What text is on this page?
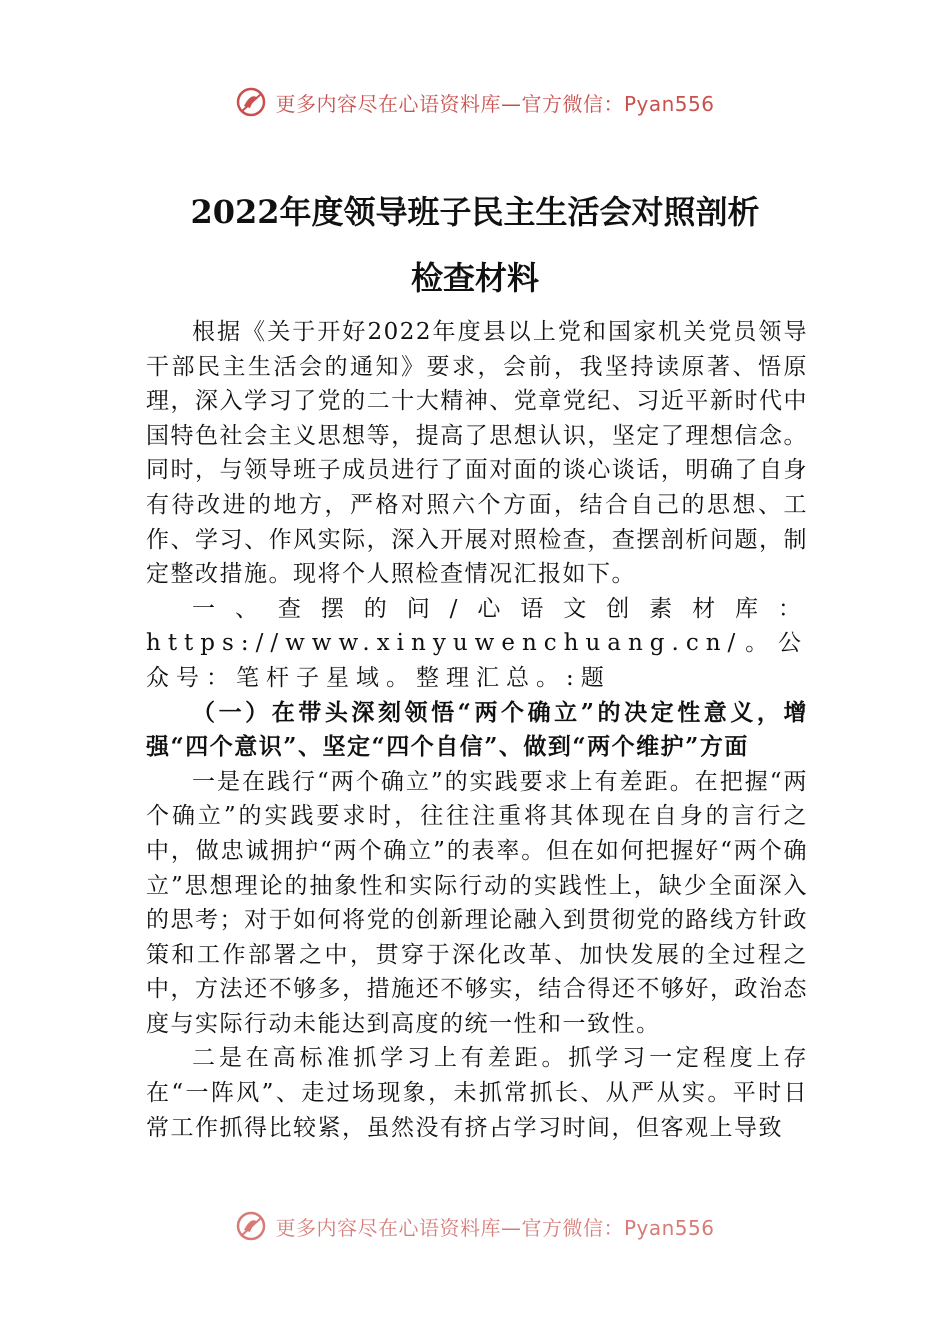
更多内容尽在心语资料库—官方微信：Pyan556
2022年度领导班子民主生活会对照剖析
检查材料

根据《关于开好2022年度县以上党和国家机关党员领导干部民主生活会的通知》要求，会前，我坚持读原著、悟原理，深入学习了党的二十大精神、党章党纪、习近平新时代中国特色社会主义思想等，提高了思想认识，坚定了理想信念。同时，与领导班子成员进行了面对面的谈心谈话，明确了自身有待改进的地方，严格对照六个方面，结合自己的思想、工作、学习、作风实际，深入开展对照检查，查摆剖析问题，制定整改措施。现将个人照检查情况汇报如下。

一、查摆的问/心语文创素材库：https://www.xinyuwenchuang.cn/。公众号：笔杆子星域。整理汇总。:题

（一）在带头深刻领悟“两个确立”的决定性意义，增强“四个意识”、坚定“四个自信”、做到“两个维护”方面

一是在践行“两个确立”的实践要求上有差距。在把握“两个确立”的实践要求时，往往注重将其体现在自身的言行之中，做忠诚拥护“两个确立”的表率。但在如何把握好“两个确立”思想理论的抽象性和实际行动的实践性上，缺少全面深入的思考；对于如何将党的创新理论融入到贯彻党的路线方针政策和工作部署之中，贯穿于深化改革、加快发展的全过程之中，方法还不够多，措施还不够实，结合得还不够好，政治态度与实际行动未能达到高度的统一性和一致性。

二是在高标准抓学习上有差距。抓学习一定程度上存在“一阵风”、走过场现象，未抓常抓长、从严从实。平时日常工作抓得比较紧，虽然没有挤占学习时间，但客观上导致

更多内容尽在心语资料库—官方微信：Pyan556
